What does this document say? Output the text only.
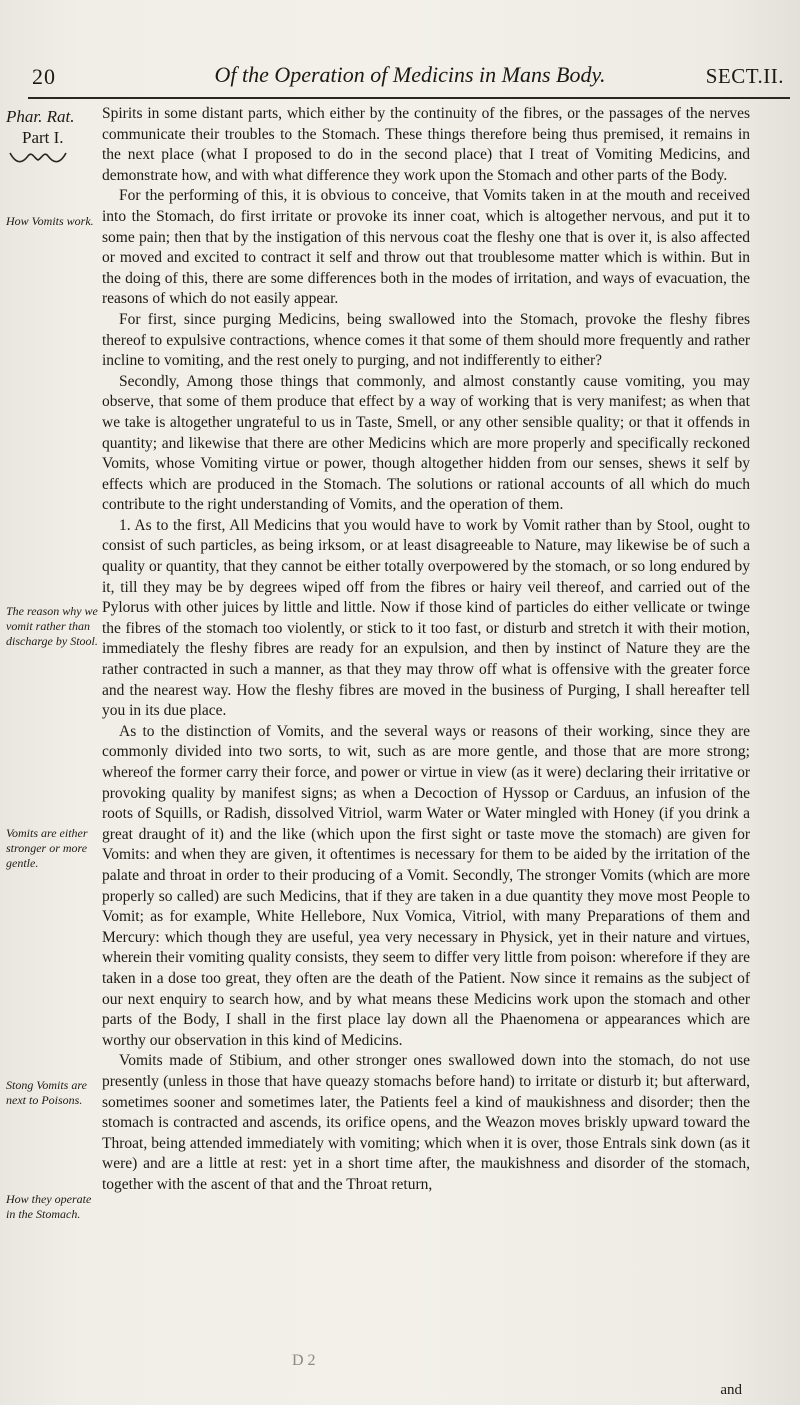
20	Of the Operation of Medicins in Mans Body.	SECT.II.
Phar. Rat.
Part I.
How Vomits work.
The reason why we vomit rather than discharge by Stool.
Vomits are either stronger or more gentle.
Stong Vomits are next to Poisons.
How they operate in the Stomach.

Spirits in some distant parts, which either by the continuity of the fibres, or the passages of the nerves communicate their troubles to the Stomach. These things therefore being thus premised, it remains in the next place (what I proposed to do in the second place) that I treat of Vomiting Medicins, and demonstrate how, and with what difference they work upon the Stomach and other parts of the Body.

For the performing of this, it is obvious to conceive, that Vomits taken in at the mouth and received into the Stomach, do first irritate or provoke its inner coat, which is altogether nervous, and put it to some pain; then that by the instigation of this nervous coat the fleshy one that is over it, is also affected or moved and excited to contract it self and throw out that troublesome matter which is within. But in the doing of this, there are some differences both in the modes of irritation, and ways of evacuation, the reasons of which do not easily appear.

For first, since purging Medicins, being swallowed into the Stomach, provoke the fleshy fibres thereof to expulsive contractions, whence comes it that some of them should more frequently and rather incline to vomiting, and the rest onely to purging, and not indifferently to either?

Secondly, Among those things that commonly, and almost constantly cause vomiting, you may observe, that some of them produce that effect by a way of working that is very manifest; as when that we take is altogether ungrateful to us in Taste, Smell, or any other sensible quality; or that it offends in quantity; and likewise that there are other Medicins which are more properly and specifically reckoned Vomits, whose Vomiting virtue or power, though altogether hidden from our senses, shews it self by effects which are produced in the Stomach. The solutions or rational accounts of all which do much contribute to the right understanding of Vomits, and the operation of them.

1. As to the first, All Medicins that you would have to work by Vomit rather than by Stool, ought to consist of such particles, as being irksom, or at least disagreeable to Nature, may likewise be of such a quality or quantity, that they cannot be either totally overpowered by the stomach, or so long endured by it, till they may be by degrees wiped off from the fibres or hairy veil thereof, and carried out of the Pylorus with other juices by little and little. Now if those kind of particles do either vellicate or twinge the fibres of the stomach too violently, or stick to it too fast, or disturb and stretch it with their motion, immediately the fleshy fibres are ready for an expulsion, and then by instinct of Nature they are the rather contracted in such a manner, as that they may throw off what is offensive with the greater force and the nearest way. How the fleshy fibres are moved in the business of Purging, I shall hereafter tell you in its due place.

As to the distinction of Vomits, and the several ways or reasons of their working, since they are commonly divided into two sorts, to wit, such as are more gentle, and those that are more strong; whereof the former carry their force, and power or virtue in view (as it were) declaring their irritative or provoking quality by manifest signs; as when a Decoction of Hyssop or Carduus, an infusion of the roots of Squills, or Radish, dissolved Vitriol, warm Water or Water mingled with Honey (if you drink a great draught of it) and the like (which upon the first sight or taste move the stomach) are given for Vomits: and when they are given, it oftentimes is necessary for them to be aided by the irritation of the palate and throat in order to their producing of a Vomit. Secondly, The stronger Vomits (which are more properly so called) are such Medicins, that if they are taken in a due quantity they move most People to Vomit; as for example, White Hellebore, Nux Vomica, Vitriol, with many Preparations of them and Mercury: which though they are useful, yea very necessary in Physick, yet in their nature and virtues, wherein their vomiting quality consists, they seem to differ very little from poison: wherefore if they are taken in a dose too great, they often are the death of the Patient. Now since it remains as the subject of our next enquiry to search how, and by what means these Medicins work upon the stomach and other parts of the Body, I shall in the first place lay down all the Phaenomena or appearances which are worthy our observation in this kind of Medicins.

Vomits made of Stibium, and other stronger ones swallowed down into the stomach, do not use presently (unless in those that have queazy stomachs before hand) to irritate or disturb it; but afterward, sometimes sooner and sometimes later, the Patients feel a kind of maukishness and disorder; then the stomach is contracted and ascends, its orifice opens, and the Weazon moves briskly upward toward the Throat, being attended immediately with vomiting; which when it is over, those Entrals sink down (as it were) and are a little at rest: yet in a short time after, the maukishness and disorder of the stomach, together with the ascent of that and the Throat return,

D 2
and
